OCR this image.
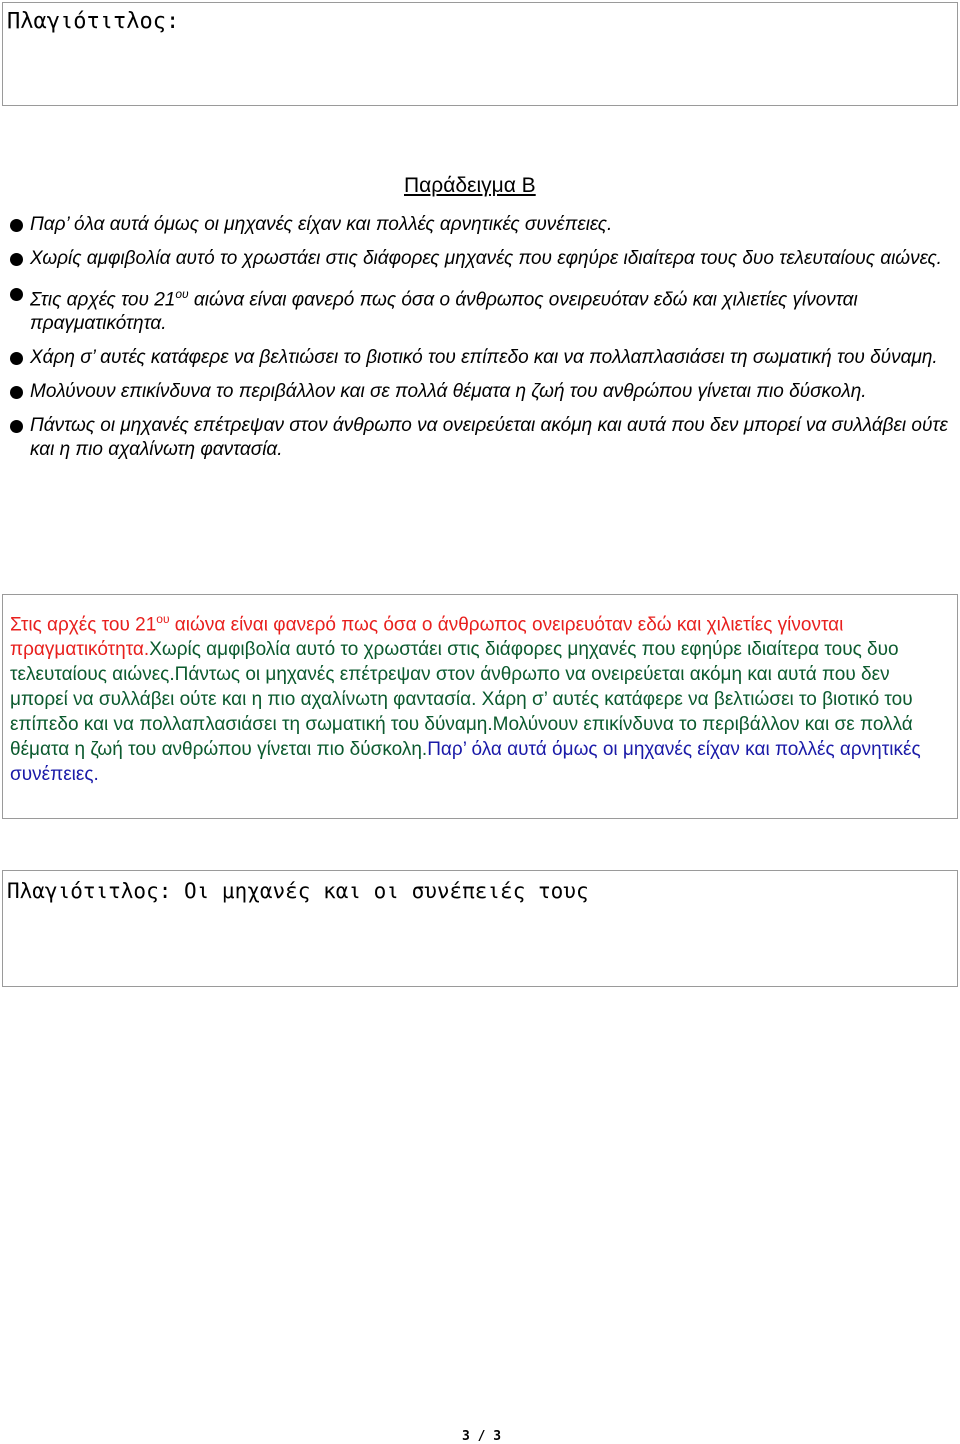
Πλαγιότιτλος:
Παράδειγμα Β
Παρ’ όλα αυτά όμως οι μηχανές είχαν και πολλές αρνητικές συνέπειες.
Χωρίς αμφιβολία αυτό το χρωστάει στις διάφορες μηχανές που εφηύρε ιδιαίτερα τους δυο τελευταίους αιώνες.
Στις αρχές του $21^{o\upsilon}$ αιώνα είναι φανερό πως όσα ο άνθρωπος ονειρευόταν εδώ και χιλιετίες γίνονται πραγματικότητα.
Χάρη σ’ αυτές κατάφερε να βελτιώσει το βιοτικό του επίπεδο και να πολλαπλασιάσει τη σωματική του δύναμη.
Μολύνουν επικίνδυνα το περιβάλλον και σε πολλά θέματα η ζωή του ανθρώπου γίνεται πιο δύσκολη.
Πάντως οι μηχανές επέτρεψαν στον άνθρωπο να ονειρεύεται ακόμη και αυτά που δεν μπορεί να συλλάβει ούτε και η πιο αχαλίνωτη φαντασία.

Στις αρχές του $21^{o\upsilon}$ αιώνα είναι φανερό πως όσα ο άνθρωπος ονειρευόταν εδώ και χιλιετίες γίνονται πραγματικότητα.Χωρίς αμφιβολία αυτό το χρωστάει στις διάφορες μηχανές που εφηύρε ιδιαίτερα τους δυο τελευταίους αιώνες.Πάντως οι μηχανές επέτρεψαν στον άνθρωπο να ονειρεύεται ακόμη και αυτά που δεν μπορεί να συλλάβει ούτε και η πιο αχαλίνωτη φαντασία. Χάρη σ’ αυτές κατάφερε να βελτιώσει το βιοτικό του επίπεδο και να πολλαπλασιάσει τη σωματική του δύναμη.Μολύνουν επικίνδυνα το περιβάλλον και σε πολλά θέματα η ζωή του ανθρώπου γίνεται πιο δύσκολη.Παρ’ όλα αυτά όμως οι μηχανές είχαν και πολλές αρνητικές συνέπειες.

Πλαγιότιτλος: Οι μηχανές και οι συνέπειές τους
3 / 3
